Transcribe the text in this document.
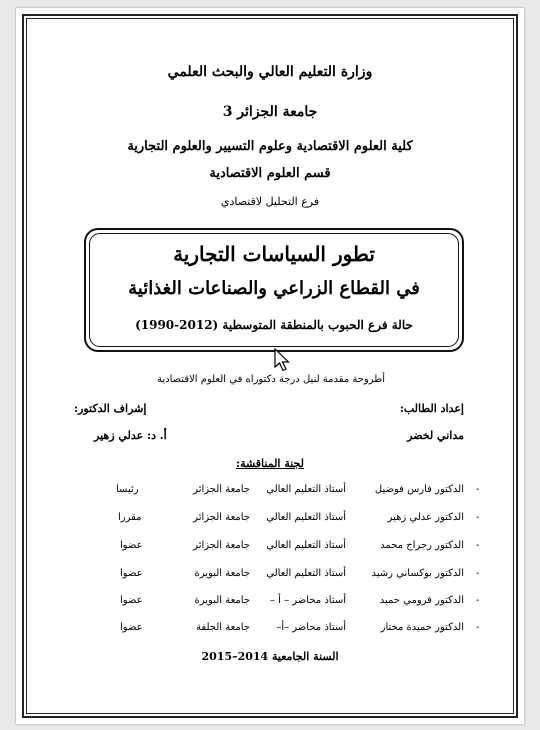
وزارة التعليم العالي والبحث العلمي
جامعة الجزائر 3
كلية العلوم الاقتصادية وعلوم التسيير والعلوم التجارية
قسم العلوم الاقتصادية
فرع التحليل لاقتصادي
تطور السياسات التجارية
في القطاع الزراعي والصناعات الغذائية
حالة فرع الحبوب بالمنطقة المتوسطية (2012-1990)
أطروحة مقدمة لنيل درجة دكتوراه في العلوم الاقتصادية
إعداد الطالب:
إشراف الدكتور:
مداني لخضر
أ. د: عدلي زهير
لجنة المناقشة:
-
الدكتور فارس فوضيل
أستاذ التعليم العالي
جامعة الجزائر
رئيسا
-
الدكتور عدلي زهير
أستاذ التعليم العالي
جامعة الجزائر
مقررا
-
الدكتور رجراج محمد
أستاذ التعليم العالي
جامعة الجزائر
عضوا
-
الدكتور بوكساني رشيد
أستاذ التعليم العالي
جامعة البويرة
عضوا
-
الدكتور قرومي حميد
أستاذ محاضر – أ –
جامعة البويرة
عضوا
-
الدكتور حميدة مختار
أستاذ محاضر –أ–
جامعة الجلفة
عضوا
السنة الجامعية 2014–2015
